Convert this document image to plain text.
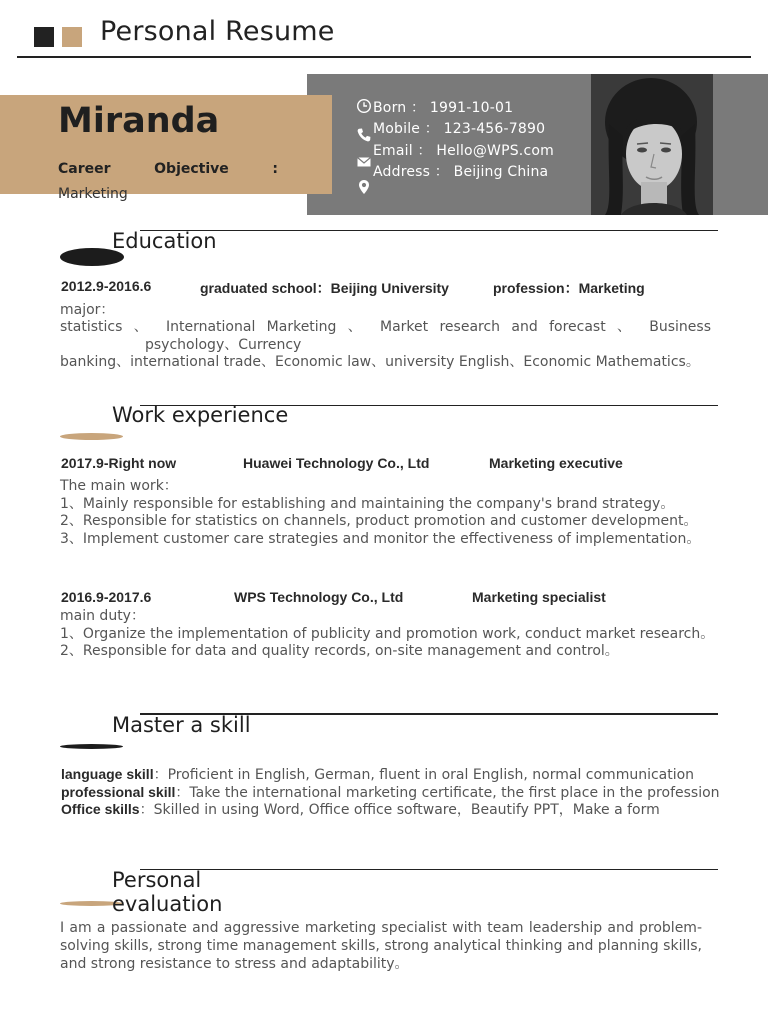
Personal Resume
Miranda
Career	Objective	:
Marketing
Born ： 1991-10-01
Mobile ： 123-456-7890
Email ： Hello@WPS.com
Address ： Beijing China
Education
2012.9-2016.6	graduated school：Beijing University	profession：Marketing
major：
statistics 、 International Marketing 、 Market research and forecast 、 Business
psychology、Currency
banking、international trade、Economic law、university English、Economic Mathematics。
Work experience
2017.9-Right now	Huawei Technology Co., Ltd	Marketing executive
The main work：
1、Mainly responsible for establishing and maintaining the company's brand strategy。
2、Responsible for statistics on channels, product promotion and customer development。
3、Implement customer care strategies and monitor the effectiveness of implementation。
2016.9-2017.6	WPS Technology Co., Ltd	Marketing specialist
main duty：
1、Organize the implementation of publicity and promotion work, conduct market research。
2、Responsible for data and quality records, on-site management and control。
Master a skill
language skill：Proficient in English, German, fluent in oral English, normal communication
professional skill：Take the international marketing certificate, the first place in the profession
Office skills：Skilled in using Word, Office office software，Beautify PPT，Make a form
Personal
evaluation
I am a passionate and aggressive marketing specialist with team leadership and problem-solving skills, strong time management skills, strong analytical thinking and planning skills, and strong resistance to stress and adaptability。
